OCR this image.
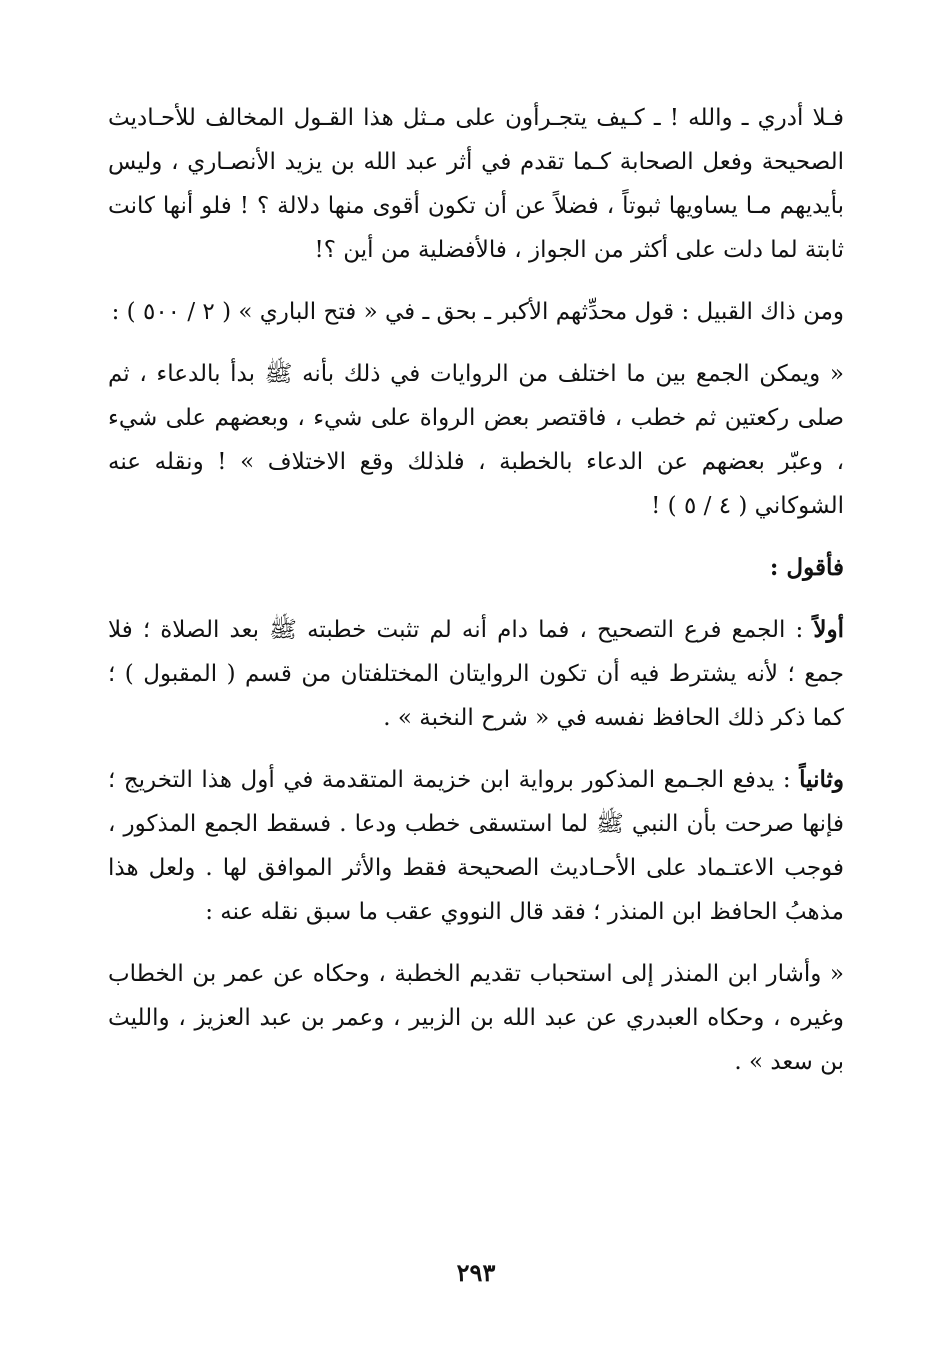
فـلا أدري ـ والله ! ـ كـيف يتجـرأون على مـثل هذا القـول المخالف للأحـاديث الصحيحة وفعل الصحابة كـما تقدم في أثر عبد الله بن يزيد الأنصـاري ، وليس بأيديهم مـا يساويها ثبوتاً ، فضلاً عن أن تكون أقوى منها دلالة ؟ ! فلو أنها كانت ثابتة لما دلت على أكثر من الجواز ، فالأفضلية من أين ؟!

ومن ذاك القبيل : قول محدِّثهم الأكبر ـ بحق ـ في « فتح الباري » ( ٢ / ٥٠٠ ) :

« ويمكن الجمع بين ما اختلف من الروايات في ذلك بأنه ﷺ بدأ بالدعاء ، ثم صلى ركعتين ثم خطب ، فاقتصر بعض الرواة على شيء ، وبعضهم على شيء ، وعبّر بعضهم عن الدعاء بالخطبة ، فلذلك وقع الاختلاف » ! ونقله عنه الشوكاني ( ٤ / ٥ ) !

فأقول :

أولاً : الجمع فرع التصحيح ، فما دام أنه لم تثبت خطبته ﷺ بعد الصلاة ؛ فلا جمع ؛ لأنه يشترط فيه أن تكون الروايتان المختلفتان من قسم ( المقبول ) ؛ كما ذكر ذلك الحافظ نفسه في « شرح النخبة » .

وثانياً : يدفع الجـمع المذكور برواية ابن خزيمة المتقدمة في أول هذا التخريج ؛ فإنها صرحت بأن النبي ﷺ لما استسقى خطب ودعا . فسقط الجمع المذكور ، فوجب الاعتـماد على الأحـاديث الصحيحة فقط والأثر الموافق لها . ولعل هذا مذهبُ الحافظ ابن المنذر ؛ فقد قال النووي عقب ما سبق نقله عنه :

« وأشار ابن المنذر إلى استحباب تقديم الخطبة ، وحكاه عن عمر بن الخطاب وغيره ، وحكاه العبدري عن عبد الله بن الزبير ، وعمر بن عبد العزيز ، والليث بن سعد » .

٢٩٣
